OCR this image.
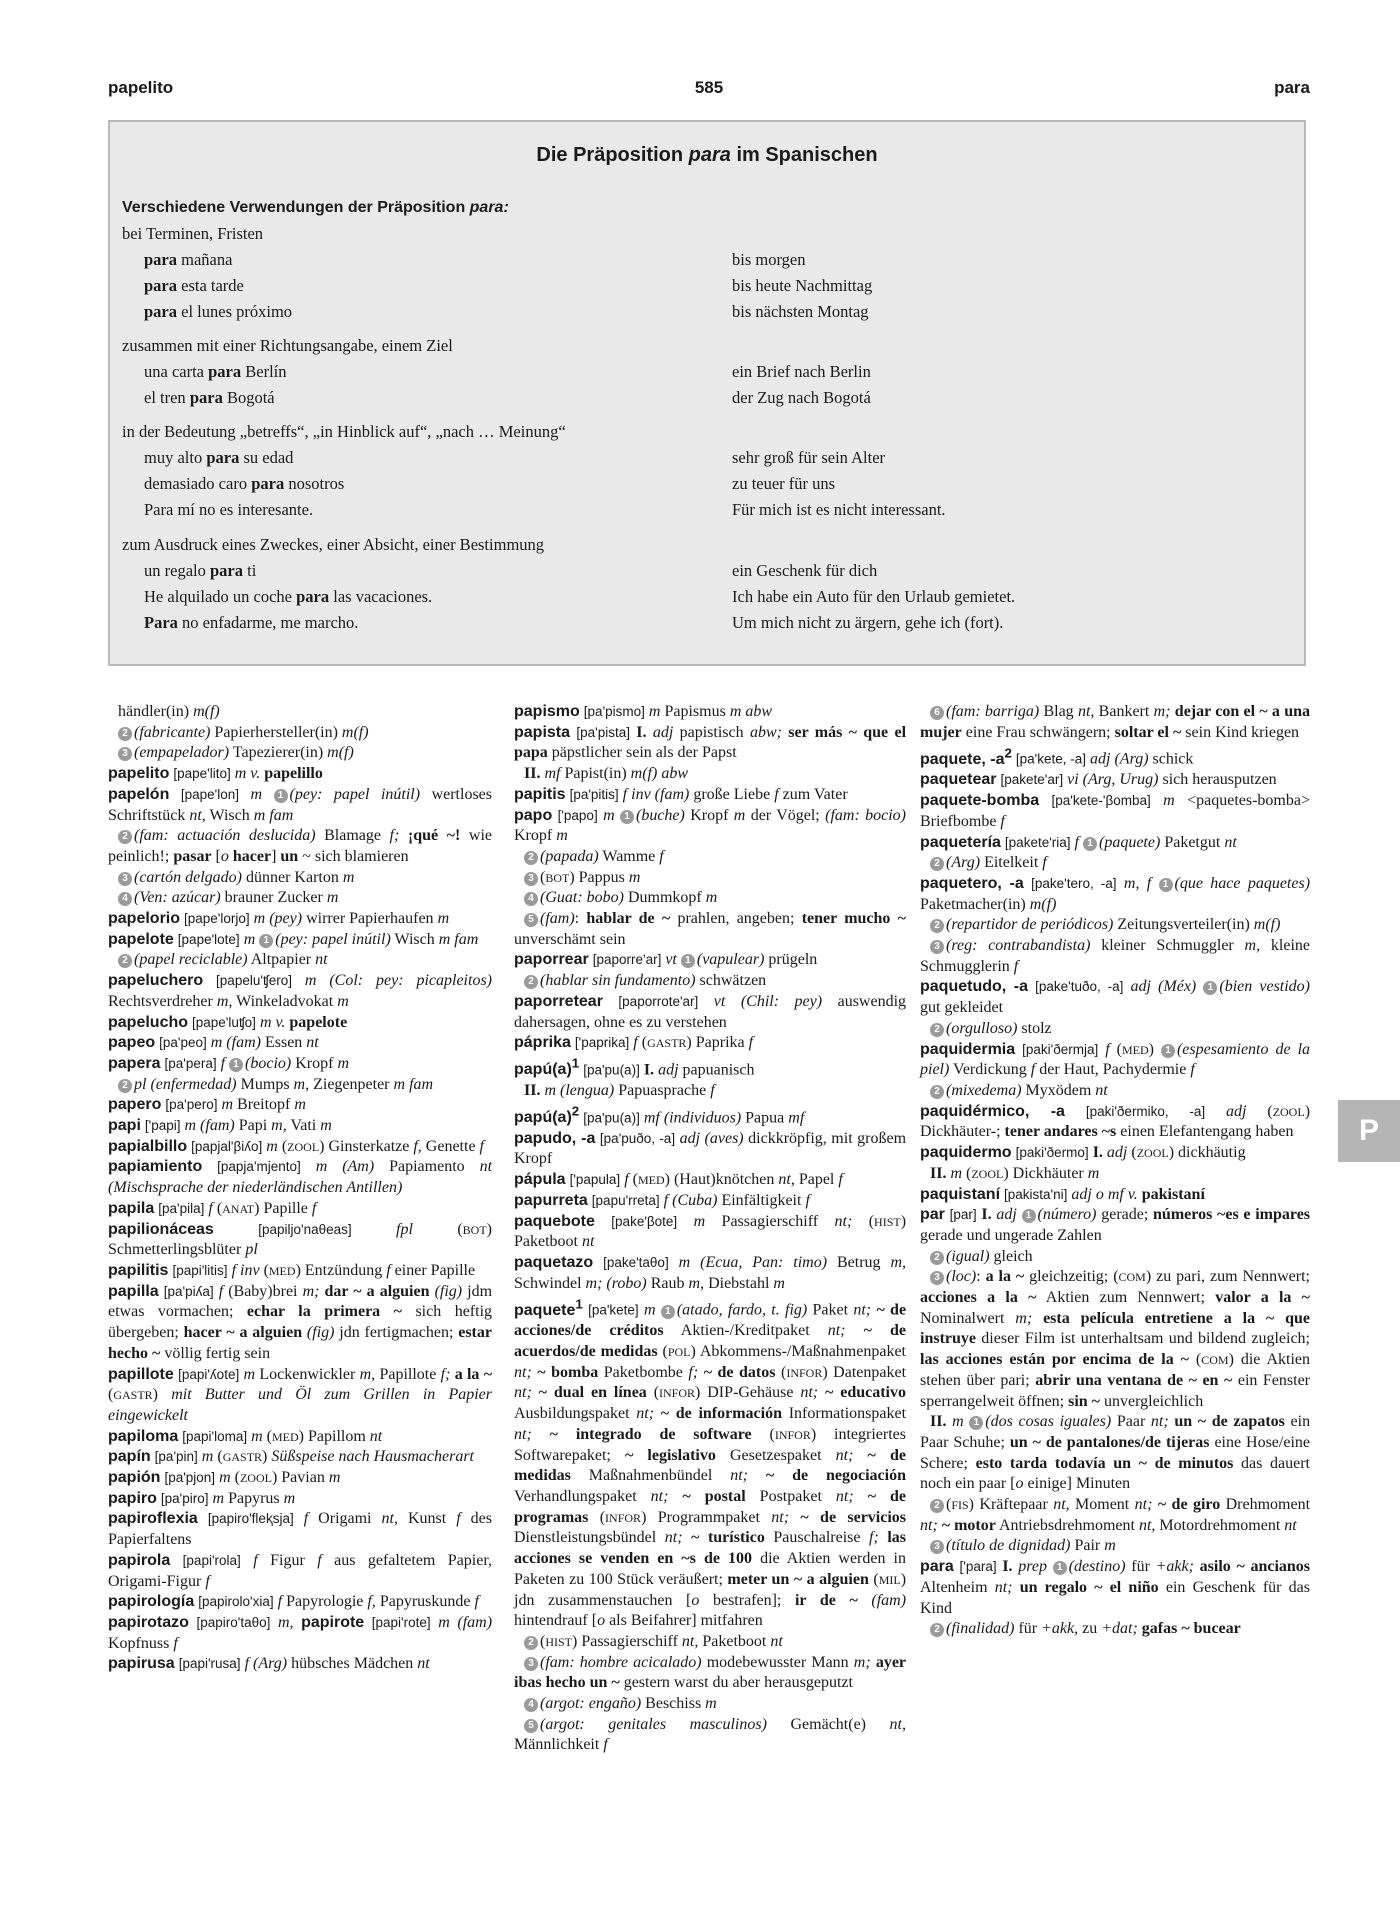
papelito	585	para
Die Präposition para im Spanischen
Verschiedene Verwendungen der Präposition para:
bei Terminen, Fristen
para mañana	bis morgen
para esta tarde	bis heute Nachmittag
para el lunes próximo	bis nächsten Montag
zusammen mit einer Richtungsangabe, einem Ziel
una carta para Berlín	ein Brief nach Berlin
el tren para Bogotá	der Zug nach Bogotá
in der Bedeutung „betreffs“, „in Hinblick auf“, „nach … Meinung“
muy alto para su edad	sehr groß für sein Alter
demasiado caro para nosotros	zu teuer für uns
Para mí no es interesante.	Für mich ist es nicht interessant.
zum Ausdruck eines Zweckes, einer Absicht, einer Bestimmung
un regalo para ti	ein Geschenk für dich
He alquilado un coche para las vacaciones.	Ich habe ein Auto für den Urlaub gemietet.
Para no enfadarme, me marcho.	Um mich nicht zu ärgern, gehe ich (fort).

händler(in) m(f)

2 (fabricante) Papierhersteller(in) m(f)

3 (empapelador) Tapezierer(in) m(f)

papelito [pape'lito] m v. papelillo

papelón [pape'lon] m 1 (pey: papel inútil) wertloses Schriftstück nt, Wisch m fam

2 (fam: actuación deslucida) Blamage f; ¡qué ~! wie peinlich!; pasar [o hacer] un ~ sich blamieren

3 (cartón delgado) dünner Karton m

4 (Ven: azúcar) brauner Zucker m

papelorio [pape'lorjo] m (pey) wirrer Papierhaufen m

papelote [pape'lote] m 1 (pey: papel inútil) Wisch m fam

2 (papel reciclable) Altpapier nt

papeluchero [papelu'ʧero] m (Col: pey: picapleitos) Rechtsverdreher m, Winkeladvokat m

papelucho [pape'luʧo] m v. papelote

papeo [pa'peo] m (fam) Essen nt

papera [pa'pera] f 1 (bocio) Kropf m

2 pl (enfermedad) Mumps m, Ziegenpeter m fam

papero [pa'pero] m Breitopf m

papi ['papi] m (fam) Papi m, Vati m

papialbillo [papjal'βiʎo] m (ZOOL) Ginsterkatze f, Genette f

papiamiento [papja'mjento] m (Am) Papiamento nt (Mischsprache der niederländischen Antillen)

papila [pa'pila] f (ANAT) Papille f

papilionáceas	[papiljo'naθeas]	fpl (BOT) Schmetterlingsblüter pl

papilitis [papi'litis] f inv (MED) Entzündung f einer Papille

papilla [pa'piʎa] f (Baby)brei m; dar ~ a alguien (fig) jdm etwas vormachen; echar la primera ~ sich heftig übergeben; hacer ~ a alguien (fig) jdn fertigmachen; estar hecho ~ völlig fertig sein

papillote [papi'ʎote] m Lockenwickler m, Papillote f; a la ~ (GASTR) mit Butter und Öl zum Grillen in Papier eingewickelt

papiloma [papi'loma] m (MED) Papillom nt

papín [pa'pin] m (GASTR) Süßspeise nach Hausmacherart

papión [pa'pjon] m (ZOOL) Pavian m

papiro [pa'piro] m Papyrus m

papiroflexia [papiro'fleⱪsja] f Origami nt, Kunst f des Papierfaltens

papirola [papi'rola] f Figur f aus gefaltetem Papier, Origami-Figur f

papirología [papirolo'xia] f Papyrologie f, Papyruskunde f

papirotazo [papiro'taθo] m, papirote [papi'rote] m (fam) Kopfnuss f

papirusa [papi'rusa] f (Arg) hübsches Mädchen nt

papismo [pa'pismo] m Papismus m abw

papista [pa'pista] I. adj papistisch abw; ser más ~ que el papa päpstlicher sein als der Papst

II. mf Papist(in) m(f) abw

papitis [pa'pitis] f inv (fam) große Liebe f zum Vater

papo ['papo] m 1 (buche) Kropf m der Vögel; (fam: bocio) Kropf m

2 (papada) Wamme f

3 (BOT) Pappus m

4 (Guat: bobo) Dummkopf m

5 (fam): hablar de ~ prahlen, angeben; tener mucho ~ unverschämt sein

paporrear [paporre'ar] vt 1 (vapulear) prügeln

2 (hablar sin fundamento) schwätzen

paporretear [paporrote'ar] vt (Chil: pey) auswendig dahersagen, ohne es zu verstehen

páprika ['paprika] f (GASTR) Paprika f

$papú(a)^1$ [pa'pu(a)] I. adj papuanisch

II. m (lengua) Papuasprache f

$papú(a)^2$ [pa'pu(a)] mf (individuos) Papua mf

papudo, -a [pa'puðo, -a] adj (aves) dickkröpfig, mit großem Kropf

pápula ['papula] f (MED) (Haut)knötchen nt, Papel f

papurreta [papu'rreta] f (Cuba) Einfältigkeit f

paquebote [pake'βote] m Passagierschiff nt; (HIST) Paketboot nt

paquetazo [pake'taθo] m (Ecua, Pan: timo) Betrug m, Schwindel m; (robo) Raub m, Diebstahl m

paquete$^1$ [pa'kete] m 1 (atado, fardo, t. fig) Paket nt; ~ de acciones/de créditos Aktien-/Kreditpaket nt; ~ de acuerdos/de medidas (POL) Abkommens-/Maßnahmenpaket nt; ~ bomba Paketbombe f; ~ de datos (INFOR) Datenpaket nt; ~ dual en línea (INFOR) DIP-Gehäuse nt; ~ educativo Ausbildungspaket nt; ~ de información Informationspaket nt; ~ integrado de software (INFOR) integriertes Softwarepaket; ~ legislativo Gesetzespaket nt; ~ de medidas Maßnahmenbündel nt; ~ de negociación Verhandlungspaket nt; ~ postal Postpaket nt; ~ de programas (INFOR) Programmpaket nt; ~ de servicios Dienstleistungsbündel nt; ~ turístico Pauschalreise f; las acciones se venden en ~s de 100 die Aktien werden in Paketen zu 100 Stück veräußert; meter un ~ a alguien (MIL) jdn zusammenstauchen [o bestrafen]; ir de ~ (fam) hintendrauf [o als Beifahrer] mitfahren

2 (HIST) Passagierschiff nt, Paketboot nt

3 (fam: hombre acicalado) modebewusster Mann m; ayer ibas hecho un ~ gestern warst du aber herausgeputzt

4 (argot: engaño) Beschiss m

5 (argot: genitales masculinos) Gemächt(e) nt, Männlichkeit f

6 (fam: barriga) Blag nt, Bankert m; dejar con el ~ a una mujer eine Frau schwängern; soltar el ~ sein Kind kriegen

paquete, $-a^2$ [pa'kete, -a] adj (Arg) schick

paquetear [pakete'ar] vi (Arg, Urug) sich herausputzen

paquete-bomba [pa'kete-'βomba] m <paquetes-bomba> Briefbombe f

paquetería [pakete'ria] f 1 (paquete) Paketgut nt

2 (Arg) Eitelkeit f

paquetero, -a [pake'tero, -a] m, f 1 (que hace paquetes) Paketmacher(in) m(f)

2 (repartidor de periódicos) Zeitungsverteiler(in) m(f)

3 (reg: contrabandista) kleiner Schmuggler m, kleine Schmugglerin f

paquetudo, -a [pake'tuðo, -a] adj (Méx) 1 (bien vestido) gut gekleidet

2 (orgulloso) stolz

paquidermia [paki'ðermja] f (MED) 1 (espesamiento de la piel) Verdickung f der Haut, Pachydermie f

2 (mixedema) Myxödem nt

paquidérmico, -a [paki'ðermiko, -a] adj (ZOOL) Dickhäuter-; tener andares ~s einen Elefantengang haben

paquidermo [paki'ðermo] I. adj (ZOOL) dickhäutig

II. m (ZOOL) Dickhäuter m

paquistaní [pakista'ni] adj o mf v. pakistaní

par [par] I. adj 1 (número) gerade; números ~es e impares gerade und ungerade Zahlen

2 (igual) gleich

3 (loc): a la ~ gleichzeitig; (COM) zu pari, zum Nennwert; acciones a la ~ Aktien zum Nennwert; valor a la ~ Nominalwert m; esta película entretiene a la ~ que instruye dieser Film ist unterhaltsam und bildend zugleich; las acciones están por encima de la ~ (COM) die Aktien stehen über pari; abrir una ventana de ~ en ~ ein Fenster sperrangelweit öffnen; sin ~ unvergleichlich

II. m 1 (dos cosas iguales) Paar nt; un ~ de zapatos ein Paar Schuhe; un ~ de pantalones/de tijeras eine Hose/eine Schere; esto tarda todavía un ~ de minutos das dauert noch ein paar [o einige] Minuten

2 (FIS) Kräftepaar nt, Moment nt; ~ de giro Drehmoment nt; ~ motor Antriebsdrehmoment nt, Motordrehmoment nt

3 (título de dignidad) Pair m

para ['para] I. prep 1 (destino) für +akk; asilo ~ ancianos Altenheim nt; un regalo ~ el niño ein Geschenk für das Kind

2 (finalidad) für +akk, zu +dat; gafas ~ bucear

P
